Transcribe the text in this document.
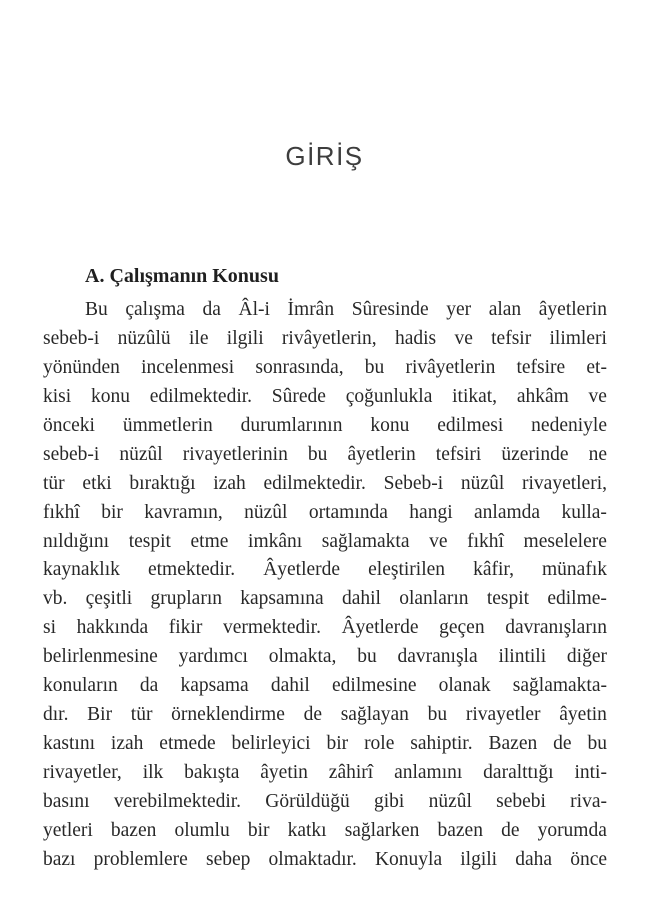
GİRİŞ
A. Çalışmanın Konusu
Bu çalışma da Âl-i İmrân Sûresinde yer alan âyetlerin
sebeb-i nüzûlü ile ilgili rivâyetlerin, hadis ve tefsir ilimleri
yönünden incelenmesi sonrasında, bu rivâyetlerin tefsire et-
kisi konu edilmektedir. Sûrede çoğunlukla itikat, ahkâm ve
önceki ümmetlerin durumlarının konu edilmesi nedeniyle
sebeb-i nüzûl rivayetlerinin bu âyetlerin tefsiri üzerinde ne
tür etki bıraktığı izah edilmektedir. Sebeb-i nüzûl rivayetleri,
fıkhî bir kavramın, nüzûl ortamında hangi anlamda kulla-
nıldığını tespit etme imkânı sağlamakta ve fıkhî meselelere
kaynaklık etmektedir. Âyetlerde eleştirilen kâfir, münafık
vb. çeşitli grupların kapsamına dahil olanların tespit edilme-
si hakkında fikir vermektedir. Âyetlerde geçen davranışların
belirlenmesine yardımcı olmakta, bu davranışla ilintili diğer
konuların da kapsama dahil edilmesine olanak sağlamakta-
dır. Bir tür örneklendirme de sağlayan bu rivayetler âyetin
kastını izah etmede belirleyici bir role sahiptir. Bazen de bu
rivayetler, ilk bakışta âyetin zâhirî anlamını daralttığı inti-
basını verebilmektedir. Görüldüğü gibi nüzûl sebebi riva-
yetleri bazen olumlu bir katkı sağlarken bazen de yorumda
bazı problemlere sebep olmaktadır. Konuyla ilgili daha önce
